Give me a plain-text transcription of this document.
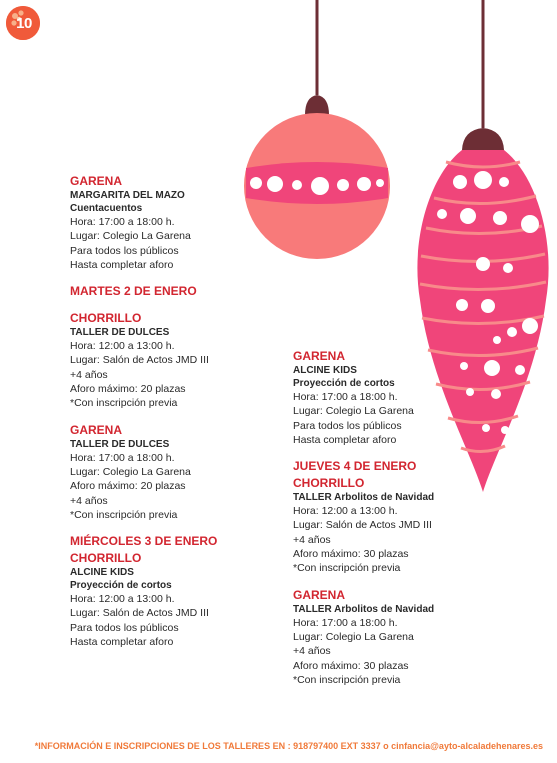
10
GARENA
MARGARITA DEL MAZO
Cuentacuentos
Hora: 17:00 a 18:00 h.
Lugar: Colegio La Garena
Para todos los públicos
Hasta completar aforo
MARTES 2 DE ENERO
CHORRILLO
TALLER DE DULCES
Hora: 12:00 a 13:00 h.
Lugar: Salón de Actos JMD III
+4 años
Aforo máximo: 20 plazas
*Con inscripción previa
GARENA
TALLER DE DULCES
Hora: 17:00 a 18:00 h.
Lugar: Colegio La Garena
Aforo máximo: 20 plazas
+4 años
*Con inscripción previa
MIÉRCOLES 3 DE ENERO
CHORRILLO
ALCINE KIDS
Proyección de cortos
Hora: 12:00 a 13:00 h.
Lugar: Salón de Actos JMD III
Para todos los públicos
Hasta completar aforo
GARENA
ALCINE KIDS
Proyección de cortos
Hora: 17:00 a 18:00 h.
Lugar: Colegio La Garena
Para todos los públicos
Hasta completar aforo
JUEVES 4 DE ENERO
CHORRILLO
TALLER Arbolitos de Navidad
Hora: 12:00 a 13:00 h.
Lugar: Salón de Actos JMD III
+4 años
Aforo máximo: 30 plazas
*Con inscripción previa
GARENA
TALLER Arbolitos de Navidad
Hora: 17:00 a 18:00 h.
Lugar: Colegio La Garena
+4 años
Aforo máximo: 30 plazas
*Con inscripción previa
*INFORMACIÓN E INSCRIPCIONES DE LOS TALLERES EN : 918797400 EXT 3337 o cinfancia@ayto-alcaladehenares.es
